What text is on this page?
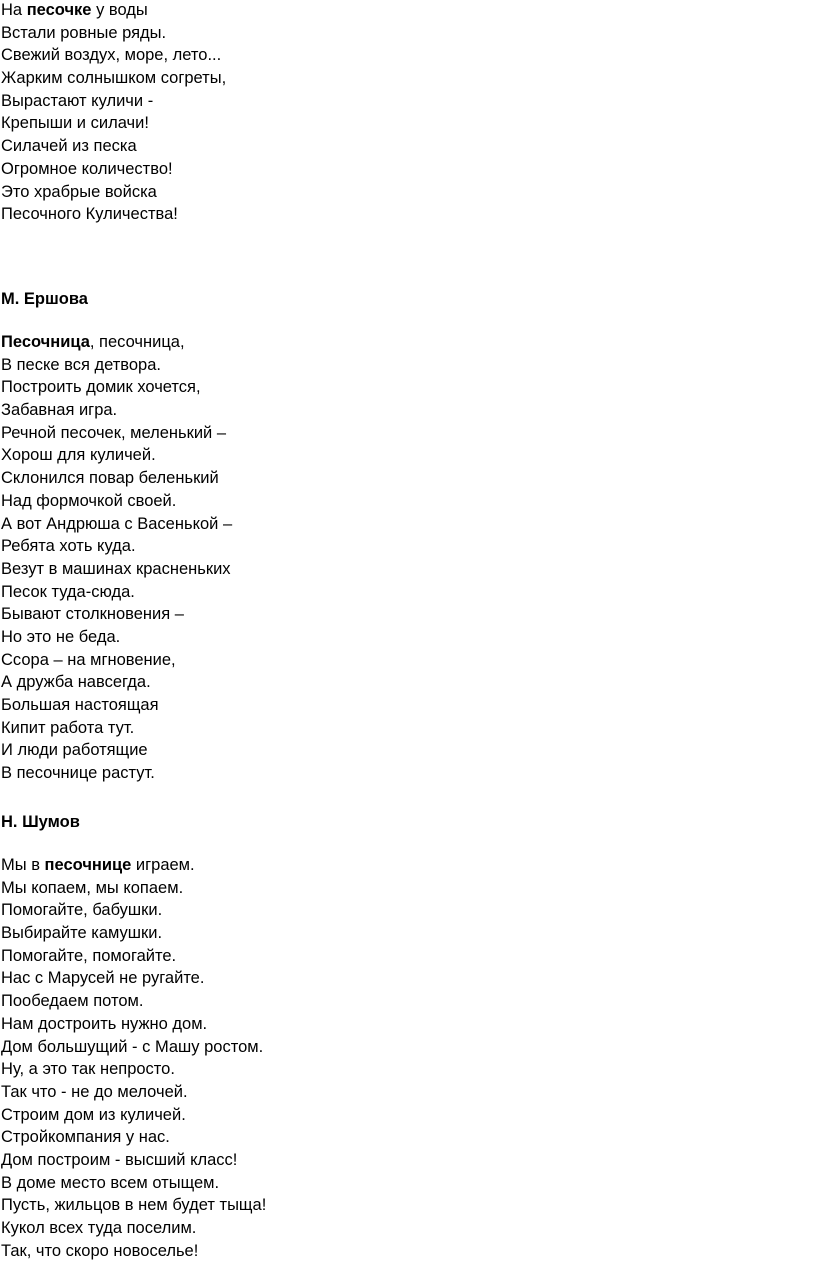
На песочке у воды
Встали ровные ряды.
Свежий воздух, море, лето...
Жарким солнышком согреты,
Вырастают куличи -
Крепыши и силачи!
Силачей из песка
Огромное количество!
Это храбрые войска
Песочного Куличества!
М. Ершова
Песочница, песочница,
В песке вся детвора.
Построить домик хочется,
Забавная игра.
Речной песочек, меленький –
Хорош для куличей.
Склонился повар беленький
Над формочкой своей.
А вот Андрюша с Васенькой –
Ребята хоть куда.
Везут в машинах красненьких
Песок туда-сюда.
Бывают столкновения –
Но это не беда.
Ссора – на мгновение,
А дружба навсегда.
Большая настоящая
Кипит работа тут.
И люди работящие
В песочнице растут.
Н. Шумов
Мы в песочнице играем.
Мы копаем, мы копаем.
Помогайте, бабушки.
Выбирайте камушки.
Помогайте, помогайте.
Нас с Марусей не ругайте.
Пообедаем потом.
Нам достроить нужно дом.
Дом большущий - с Машу ростом.
Ну, а это так непросто.
Так что - не до мелочей.
Строим дом из куличей.
Стройкомпания у нас.
Дом построим - высший класс!
В доме место всем отыщем.
Пусть, жильцов в нем будет тыща!
Кукол всех туда поселим.
Так, что скоро новоселье!
